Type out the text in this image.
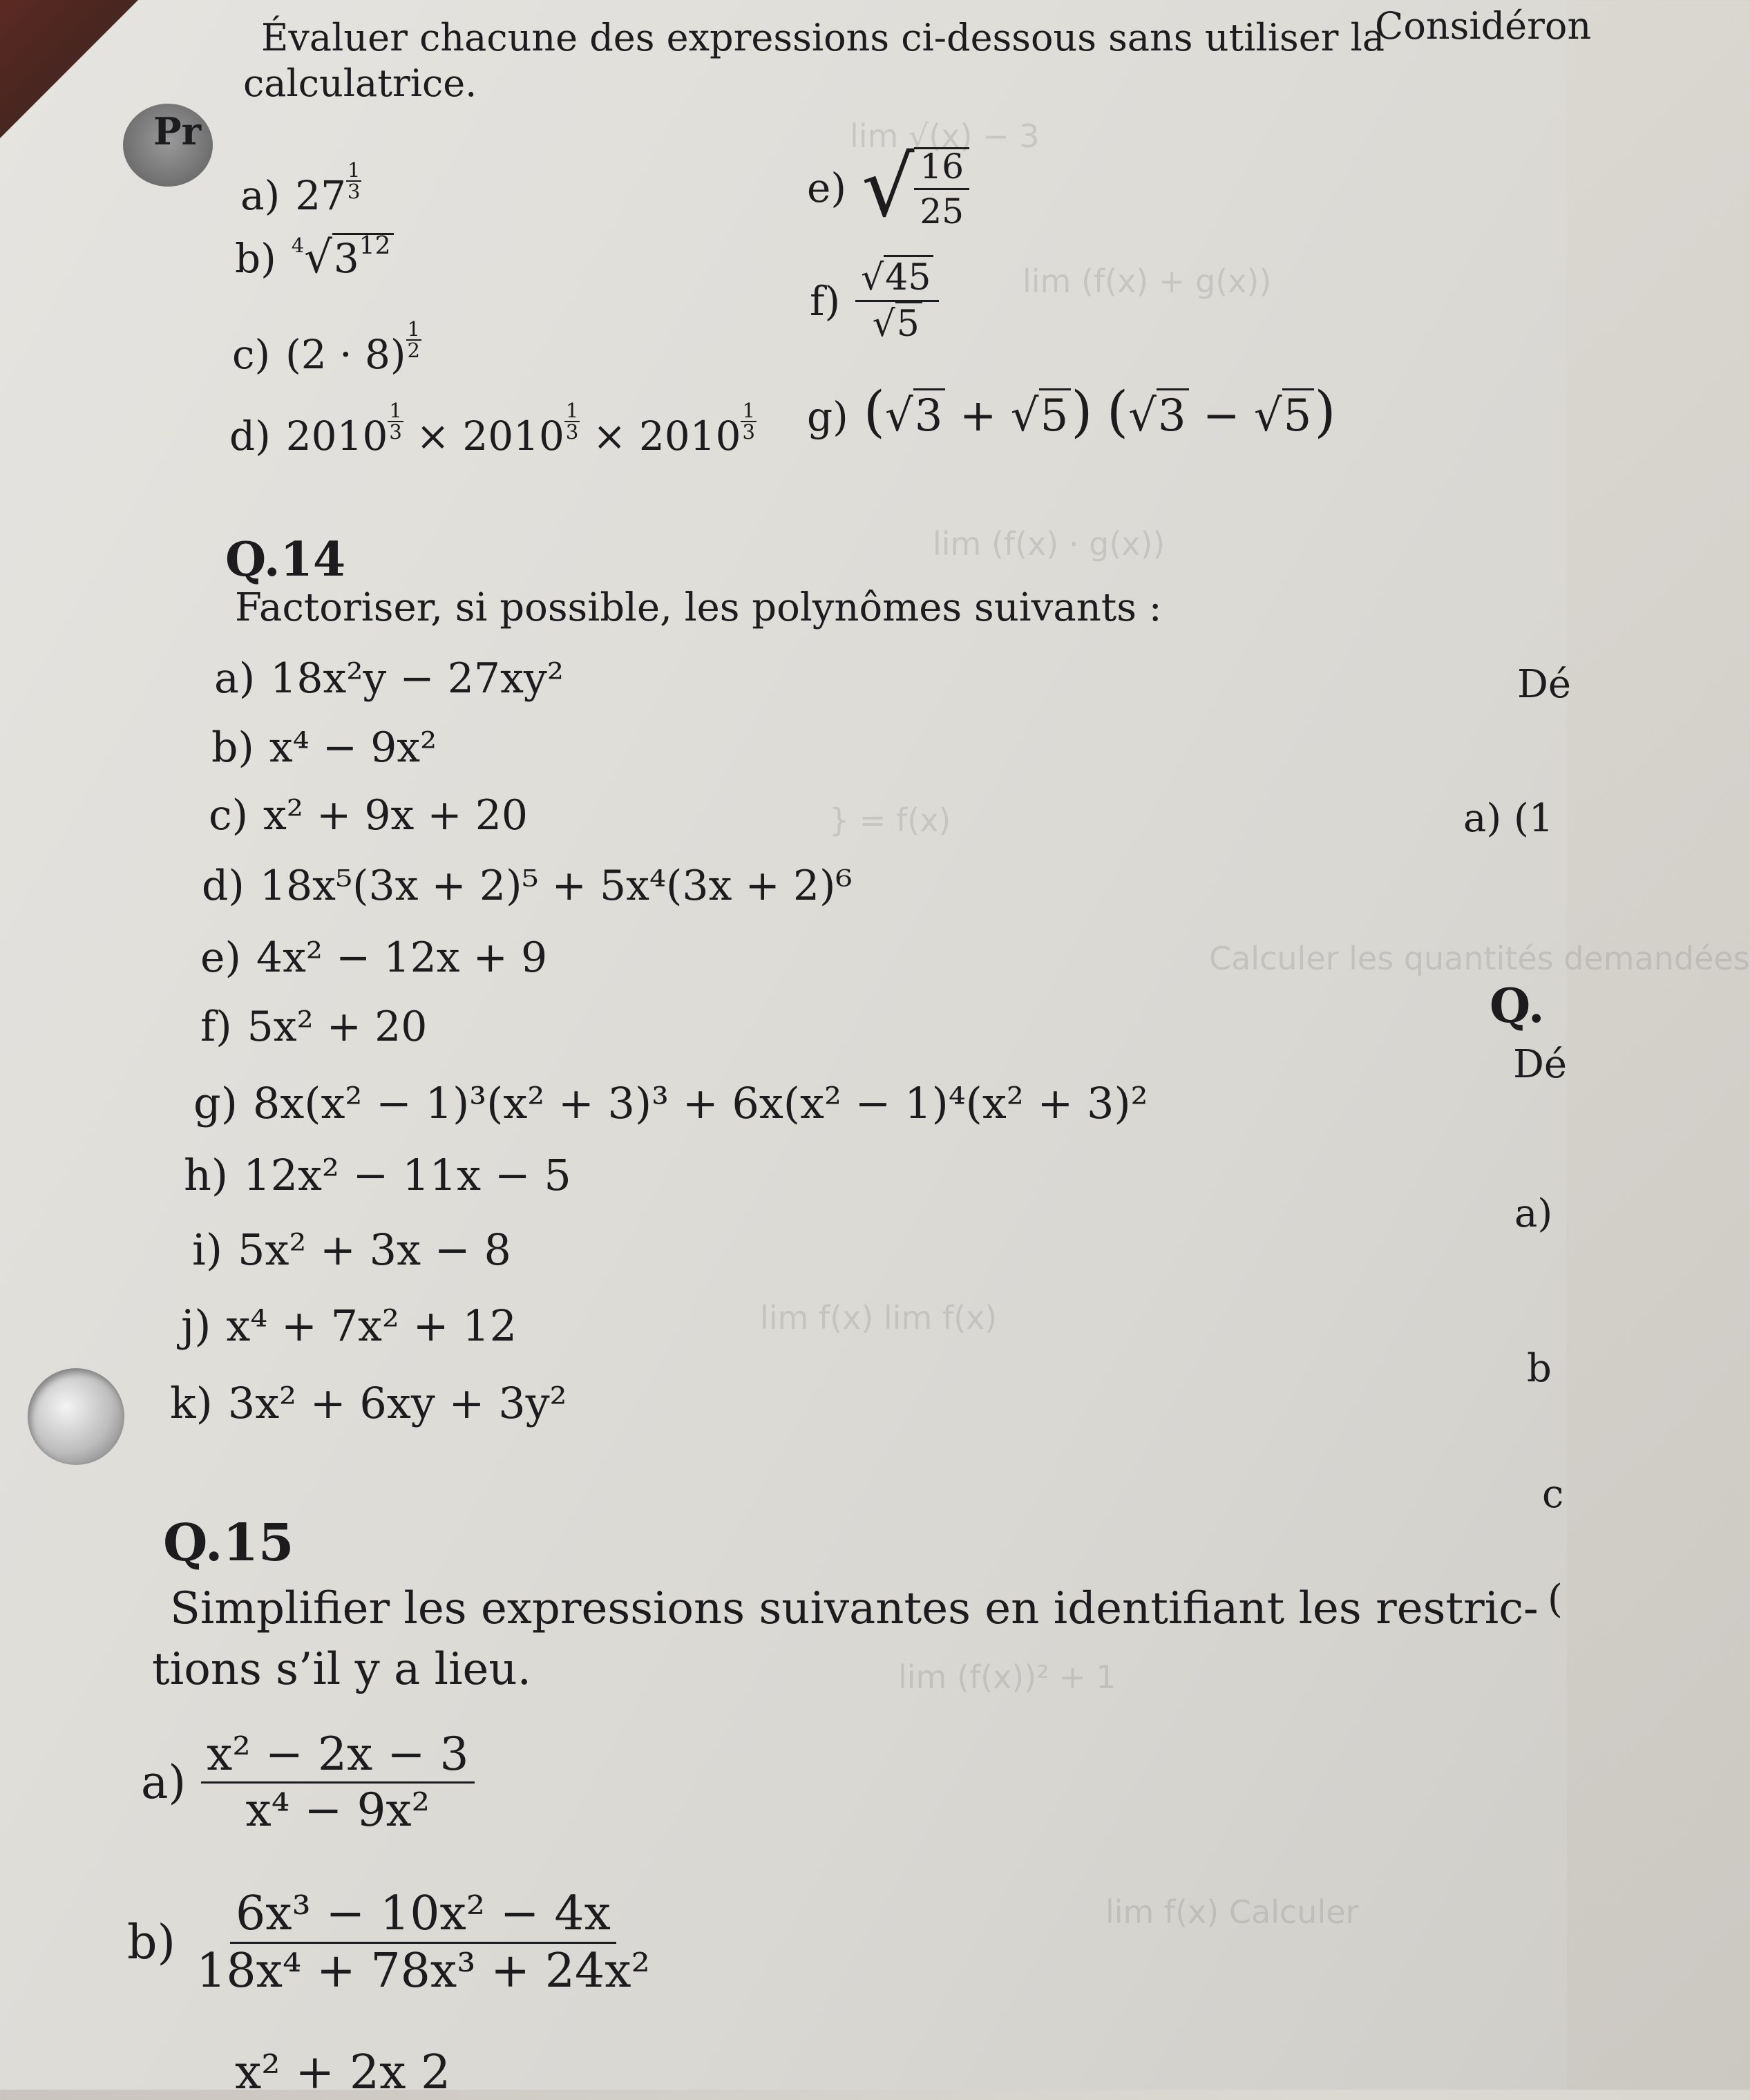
lim √(x) − 3
lim (f(x) + g(x))
lim (f(x) · g(x))
} = f(x)
Calculer les quantités demandées
lim f(x) lim f(x)
lim (f(x))² + 1
lim f(x) Calculer
Pr
Évaluer chacune des expressions ci-dessous sans utiliser la
calculatrice.
a) $27 \frac{1}{3}$
b) $^4√3^{12}$
c) $(2 \cdot 8) \frac{1}{2}$
d) $2010 \frac{1}{3} \times 2010 \frac{1}{3} \times 2010 \frac{1}{3}$
e) √ $\frac{16}{25}$
$f) \frac{√45}{√5}$
g) (√3 + √5) (√3 − √5)
Q.14
Factoriser, si possible, les polynômes suivants :
a) 18x²y − 27xy²
b) x⁴ − 9x²
c) x² + 9x + 20
d) 18x⁵(3x + 2)⁵ + 5x⁴(3x + 2)⁶
e) 4x² − 12x + 9
f) 5x² + 20
g) 8x(x² − 1)³(x² + 3)³ + 6x(x² − 1)⁴(x² + 3)²
h) 12x² − 11x − 5
i) 5x² + 3x − 8
j) x⁴ + 7x² + 12
k) 3x² + 6xy + 3y²
Q.15
Simplifier les expressions suivantes en identifiant les restric-
tions s’il y a lieu.
$a) \frac{\text{x² − 2x − 3}}{\text{x⁴ − 9x²}}$
$b) \frac{\text{6x³ − 10x² − 4x}}{\text{18x⁴ + 78x³ + 24x²}}$
x² + 2x 2
Considéron
Dé
a) (1
Q.
Dé
a)
b
c
(
